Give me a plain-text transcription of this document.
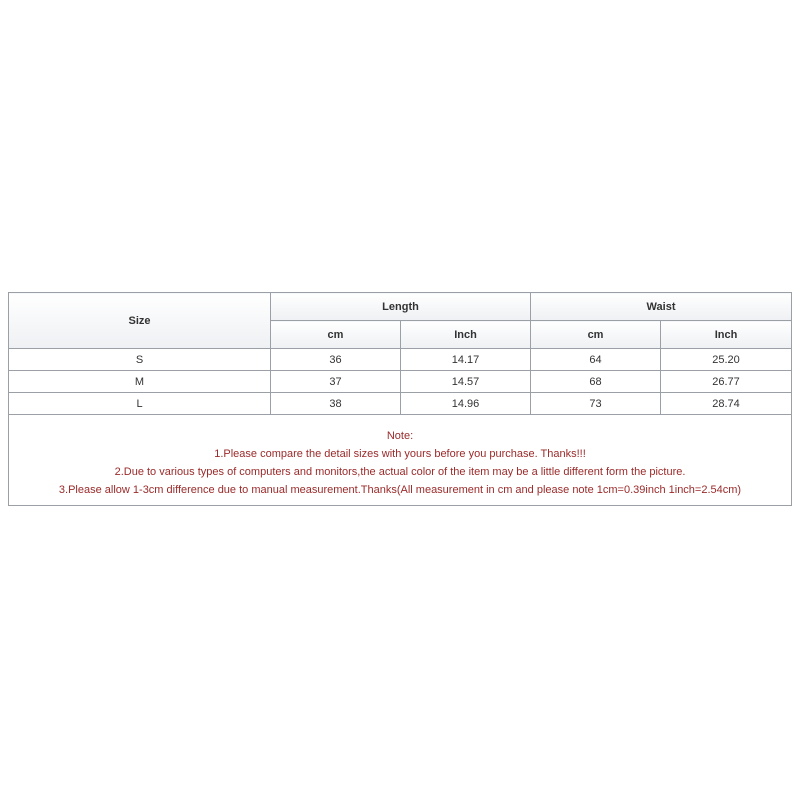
Size	Length		Waist	
	cm	Inch	cm	Inch
S	36	14.17	64	25.20
M	37	14.57	68	26.77
L	38	14.96	73	28.74

Note:
1.Please compare the detail sizes with yours before you purchase. Thanks!!!
2.Due to various types of computers and monitors,the actual color of the item may be a little different form the picture.
3.Please allow 1-3cm difference due to manual measurement.Thanks(All measurement in cm and please note 1cm=0.39inch 1inch=2.54cm)				
